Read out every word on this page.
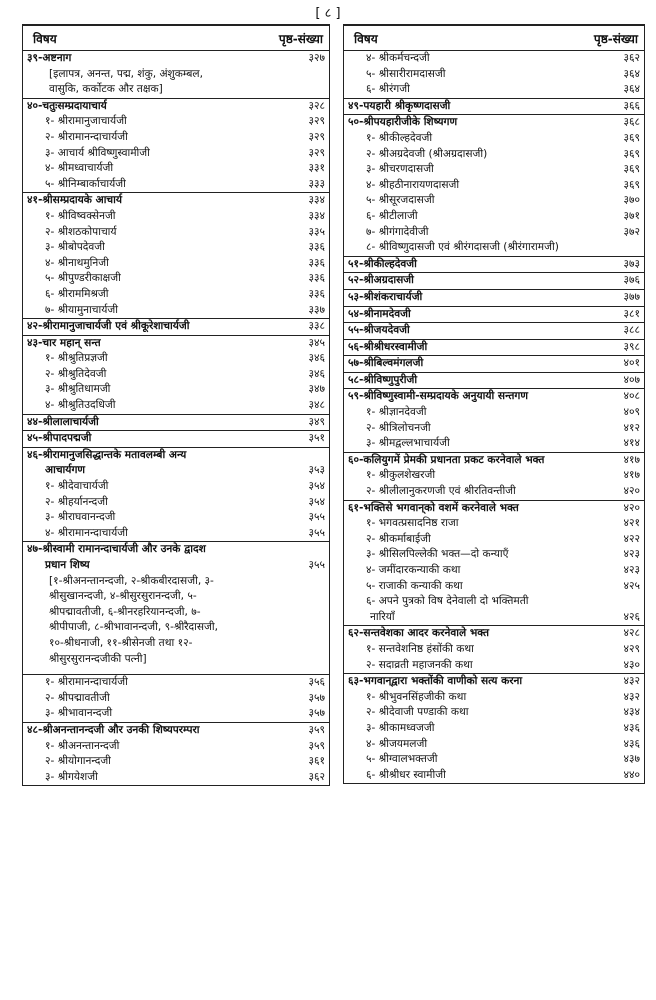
[ ८ ]
विषय	पृष्ठ-संख्या
३९-अष्टनाग	३२७
[इलापत्र, अनन्त, पद्म, शंकु, अंशुकम्बल,
वासुकि, कर्कोटक और तक्षक]
४०-चतुःसम्प्रदायाचार्य	३२८
१- श्रीरामानुजाचार्यजी	३२९
२- श्रीरामानन्दाचार्यजी	३२९
३- आचार्य श्रीविष्णुस्वामीजी	३२९
४- श्रीमध्वाचार्यजी	३३१
५- श्रीनिम्बार्काचार्यजी	३३३
४१-श्रीसम्प्रदायके आचार्य	३३४
१- श्रीविष्वक्सेनजी	३३४
२- श्रीशठकोपाचार्य	३३५
३- श्रीबोपदेवजी	३३६
४- श्रीनाथमुनिजी	३३६
५- श्रीपुण्डरीकाक्षजी	३३६
६- श्रीराममिश्रजी	३३६
७- श्रीयामुनाचार्यजी	३३७
४२-श्रीरामानुजाचार्यजी एवं श्रीकूरेशाचार्यजी	३३८
४३-चार महान् सन्त	३४५
१- श्रीश्रुतिप्रज्ञजी	३४६
२- श्रीश्रुतिदेवजी	३४६
३- श्रीश्रुतिधामजी	३४७
४- श्रीश्रुतिउदधिजी	३४८
४४-श्रीलालाचार्यजी	३४९
४५-श्रीपादपद्मजी	३५१
४६-श्रीरामानुजसिद्धान्तके मतावलम्बी अन्य
आचार्यगण	३५३
१- श्रीदेवाचार्यजी	३५४
२- श्रीहर्यानन्दजी	३५४
३- श्रीराघवानन्दजी	३५५
४- श्रीरामानन्दाचार्यजी	३५५
४७-श्रीस्वामी रामानन्दाचार्यजी और उनके द्वादश
प्रधान शिष्य	३५५
[१-श्रीअनन्तानन्दजी, २-श्रीकबीरदासजी, ३-
श्रीसुखानन्दजी, ४-श्रीसुरसुरानन्दजी, ५-
श्रीपद्मावतीजी, ६-श्रीनरहरियानन्दजी, ७-
श्रीपीपाजी, ८-श्रीभावानन्दजी, ९-श्रीरैदासजी,
१०-श्रीधनाजी, ११-श्रीसेनजी तथा १२-
श्रीसुरसुरानन्दजीकी पत्नी]
१- श्रीरामानन्दाचार्यजी	३५६
२- श्रीपद्मावतीजी	३५७
३- श्रीभावानन्दजी	३५७
४८-श्रीअनन्तानन्दजी और उनकी शिष्यपरम्परा	३५९
१- श्रीअनन्तानन्दजी	३५९
२- श्रीयोगानन्दजी	३६१
३- श्रीगयेशजी	३६२
विषय	पृष्ठ-संख्या
४- श्रीकर्मचन्दजी	३६२
५- श्रीसारीरामदासजी	३६४
६- श्रीरंगजी	३६४
४९-पयहारी श्रीकृष्णदासजी	३६६
५०-श्रीपयहारीजीके शिष्यगण	३६८
१- श्रीकील्हदेवजी	३६९
२- श्रीअग्रदेवजी (श्रीअग्रदासजी)	३६९
३- श्रीचरणदासजी	३६९
४- श्रीहठीनारायणदासजी	३६९
५- श्रीसूरजदासजी	३७०
६- श्रीटीलाजी	३७१
७- श्रीगंगादेवीजी	३७२
८- श्रीविष्णुदासजी एवं श्रीरंगदासजी (श्रीरंगारामजी)
५१-श्रीकील्हदेवजी	३७३
५२-श्रीअग्रदासजी	३७६
५३-श्रीशंकराचार्यजी	३७७
५४-श्रीनामदेवजी	३८१
५५-श्रीजयदेवजी	३८८
५६-श्रीश्रीधरस्वामीजी	३९८
५७-श्रीबिल्वमंगलजी	४०१
५८-श्रीविष्णुपुरीजी	४०७
५९-श्रीविष्णुस्वामी-सम्प्रदायके अनुयायी सन्तगण	४०८
१- श्रीज्ञानदेवजी	४०९
२- श्रीत्रिलोचनजी	४१२
३- श्रीमद्वल्लभाचार्यजी	४१४
६०-कलियुगमें प्रेमकी प्रधानता प्रकट करनेवाले भक्त	४१७
१- श्रीकुलशेखरजी	४१७
२- श्रीलीलानुकरणजी एवं श्रीरतिवन्तीजी	४२०
६१-भक्तिसे भगवान्‌को वशमें करनेवाले भक्त	४२०
१- भगवत्प्रसादनिष्ठ राजा	४२१
२- श्रीकर्माबाईजी	४२२
३- श्रीसिलपिल्लेकी भक्त—दो कन्याएँ	४२३
४- जमींदारकन्याकी कथा	४२३
५- राजाकी कन्याकी कथा	४२५
६- अपने पुत्रको विष देनेवाली दो भक्तिमती
नारियाँ	४२६
६२-सन्तवेशका आदर करनेवाले भक्त	४२८
१- सन्तवेशनिष्ठ हंसोंकी कथा	४२९
२- सदाव्रती महाजनकी कथा	४३०
६३-भगवान्‌द्वारा भक्तोंकी वाणीको सत्य करना	४३२
१- श्रीभुवनसिंहजीकी कथा	४३२
२- श्रीदेवाजी पण्डाकी कथा	४३४
३- श्रीकामध्वजजी	४३६
४- श्रीजयमलजी	४३६
५- श्रीग्वालभक्तजी	४३७
६- श्रीश्रीधर स्वामीजी	४४०
